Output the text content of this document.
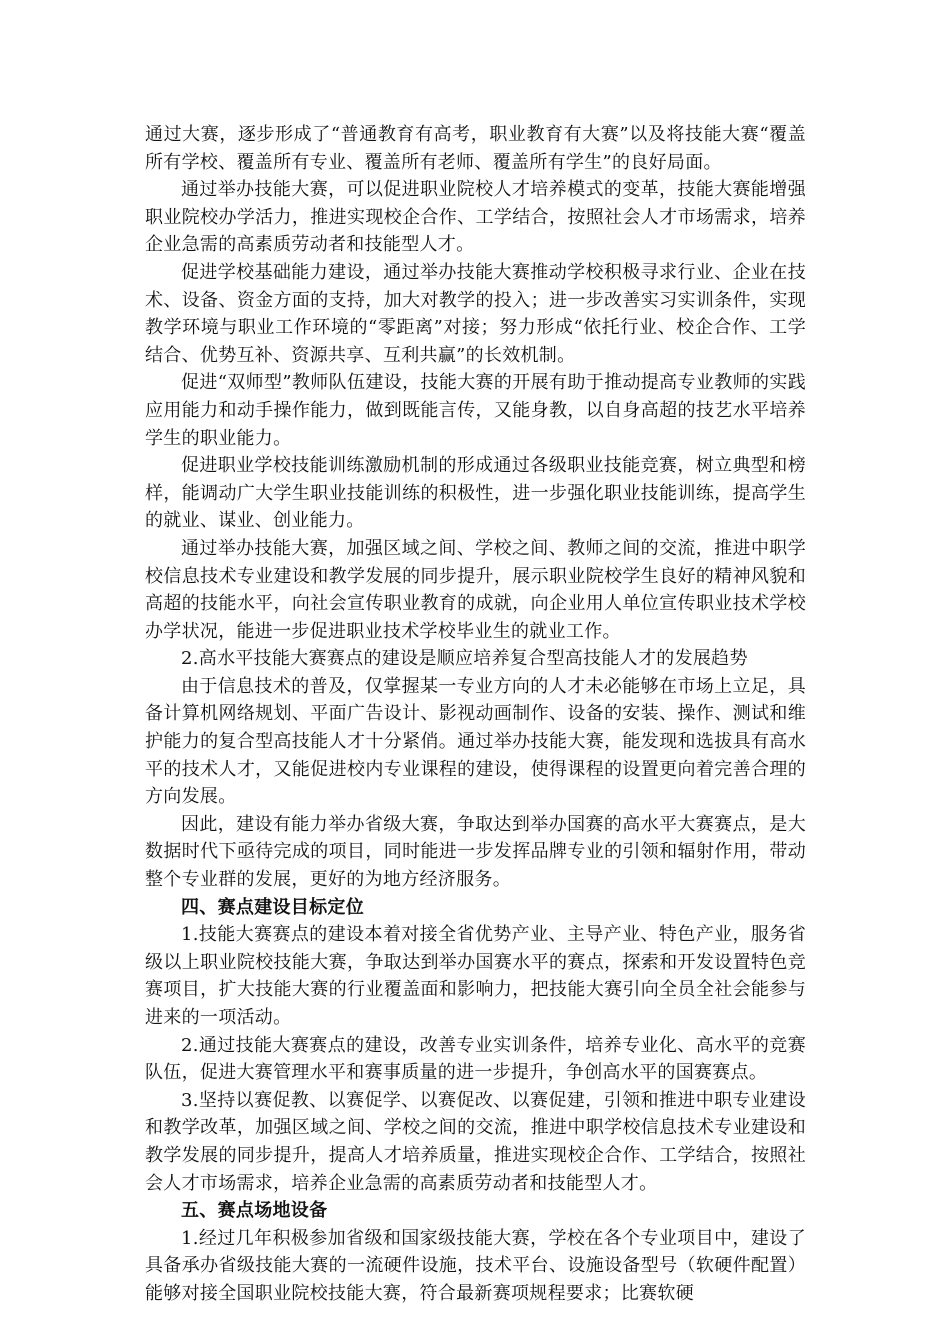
通过大赛，逐步形成了“普通教育有高考，职业教育有大赛”以及将技能大赛“覆盖所有学校、覆盖所有专业、覆盖所有老师、覆盖所有学生”的良好局面。

通过举办技能大赛，可以促进职业院校人才培养模式的变革，技能大赛能增强职业院校办学活力，推进实现校企合作、工学结合，按照社会人才市场需求，培养企业急需的高素质劳动者和技能型人才。

促进学校基础能力建设，通过举办技能大赛推动学校积极寻求行业、企业在技术、设备、资金方面的支持，加大对教学的投入；进一步改善实习实训条件，实现教学环境与职业工作环境的“零距离”对接；努力形成“依托行业、校企合作、工学结合、优势互补、资源共享、互利共赢”的长效机制。

促进“双师型”教师队伍建设，技能大赛的开展有助于推动提高专业教师的实践应用能力和动手操作能力，做到既能言传，又能身教，以自身高超的技艺水平培养学生的职业能力。

促进职业学校技能训练激励机制的形成通过各级职业技能竞赛，树立典型和榜样，能调动广大学生职业技能训练的积极性，进一步强化职业技能训练，提高学生的就业、谋业、创业能力。

通过举办技能大赛，加强区域之间、学校之间、教师之间的交流，推进中职学校信息技术专业建设和教学发展的同步提升，展示职业院校学生良好的精神风貌和高超的技能水平，向社会宣传职业教育的成就，向企业用人单位宣传职业技术学校办学状况，能进一步促进职业技术学校毕业生的就业工作。

2.高水平技能大赛赛点的建设是顺应培养复合型高技能人才的发展趋势

由于信息技术的普及，仅掌握某一专业方向的人才未必能够在市场上立足，具备计算机网络规划、平面广告设计、影视动画制作、设备的安装、操作、测试和维护能力的复合型高技能人才十分紧俏。通过举办技能大赛，能发现和选拔具有高水平的技术人才，又能促进校内专业课程的建设，使得课程的设置更向着完善合理的方向发展。

因此，建设有能力举办省级大赛，争取达到举办国赛的高水平大赛赛点，是大数据时代下亟待完成的项目，同时能进一步发挥品牌专业的引领和辐射作用，带动整个专业群的发展，更好的为地方经济服务。

四、赛点建设目标定位

1.技能大赛赛点的建设本着对接全省优势产业、主导产业、特色产业，服务省级以上职业院校技能大赛，争取达到举办国赛水平的赛点，探索和开发设置特色竞赛项目，扩大技能大赛的行业覆盖面和影响力，把技能大赛引向全员全社会能参与进来的一项活动。

2.通过技能大赛赛点的建设，改善专业实训条件，培养专业化、高水平的竞赛队伍，促进大赛管理水平和赛事质量的进一步提升，争创高水平的国赛赛点。

3.坚持以赛促教、以赛促学、以赛促改、以赛促建，引领和推进中职专业建设和教学改革，加强区域之间、学校之间的交流，推进中职学校信息技术专业建设和教学发展的同步提升，提高人才培养质量，推进实现校企合作、工学结合，按照社会人才市场需求，培养企业急需的高素质劳动者和技能型人才。

五、赛点场地设备

1.经过几年积极参加省级和国家级技能大赛，学校在各个专业项目中，建设了具备承办省级技能大赛的一流硬件设施，技术平台、设施设备型号（软硬件配置）能够对接全国职业院校技能大赛，符合最新赛项规程要求；比赛软硬
